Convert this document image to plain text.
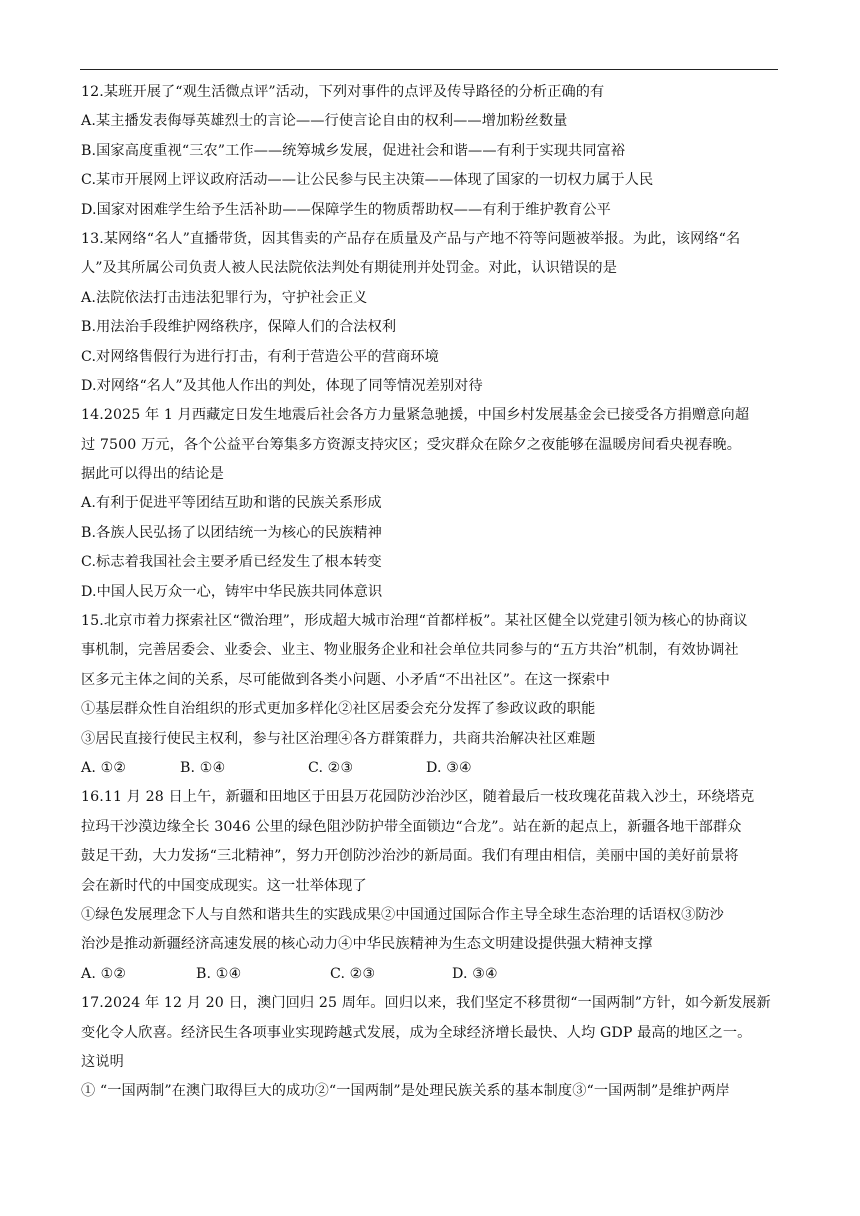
12.某班开展了“观生活微点评”活动，下列对事件的点评及传导路径的分析正确的有
A.某主播发表侮辱英雄烈士的言论——行使言论自由的权利——增加粉丝数量
B.国家高度重视“三农”工作——统筹城乡发展，促进社会和谐——有利于实现共同富裕
C.某市开展网上评议政府活动——让公民参与民主决策——体现了国家的一切权力属于人民
D.国家对困难学生给予生活补助——保障学生的物质帮助权——有利于维护教育公平
13.某网络“名人”直播带货，因其售卖的产品存在质量及产品与产地不符等问题被举报。为此，该网络“名
人”及其所属公司负责人被人民法院依法判处有期徒刑并处罚金。对此，认识错误的是
A.法院依法打击违法犯罪行为，守护社会正义
B.用法治手段维护网络秩序，保障人们的合法权利
C.对网络售假行为进行打击，有利于营造公平的营商环境
D.对网络“名人”及其他人作出的判处，体现了同等情况差别对待
14.2025 年 1 月西藏定日发生地震后社会各方力量紧急驰援，中国乡村发展基金会已接受各方捐赠意向超
过 7500 万元，各个公益平台筹集多方资源支持灾区；受灾群众在除夕之夜能够在温暖房间看央视春晚。
据此可以得出的结论是
A.有利于促进平等团结互助和谐的民族关系形成
B.各族人民弘扬了以团结统一为核心的民族精神
C.标志着我国社会主要矛盾已经发生了根本转变
D.中国人民万众一心，铸牢中华民族共同体意识
15.北京市着力探索社区“微治理”，形成超大城市治理“首都样板”。某社区健全以党建引领为核心的协商议
事机制，完善居委会、业委会、业主、物业服务企业和社会单位共同参与的“五方共治”机制，有效协调社
区多元主体之间的关系，尽可能做到各类小问题、小矛盾“不出社区”。在这一探索中
①基层群众性自治组织的形式更加多样化②社区居委会充分发挥了参政议政的职能
③居民直接行使民主权利，参与社区治理④各方群策群力，共商共治解决社区难题
A. ①②	B. ①④	C. ②③	D. ③④
16.11 月 28 日上午，新疆和田地区于田县万花园防沙治沙区，随着最后一枝玫瑰花苗栽入沙土，环绕塔克
拉玛干沙漠边缘全长 3046 公里的绿色阻沙防护带全面锁边“合龙”。站在新的起点上，新疆各地干部群众
鼓足干劲，大力发扬“三北精神”，努力开创防沙治沙的新局面。我们有理由相信，美丽中国的美好前景将
会在新时代的中国变成现实。这一壮举体现了
①绿色发展理念下人与自然和谐共生的实践成果②中国通过国际合作主导全球生态治理的话语权③防沙
治沙是推动新疆经济高速发展的核心动力④中华民族精神为生态文明建设提供强大精神支撑
A. ①②	B. ①④	C. ②③	D. ③④
17.2024 年 12 月 20 日，澳门回归 25 周年。回归以来，我们坚定不移贯彻“一国两制”方针，如今新发展新
变化令人欣喜。经济民生各项事业实现跨越式发展，成为全球经济增长最快、人均 GDP 最高的地区之一。
这说明
① “一国两制”在澳门取得巨大的成功②“一国两制”是处理民族关系的基本制度③“一国两制”是维护两岸
